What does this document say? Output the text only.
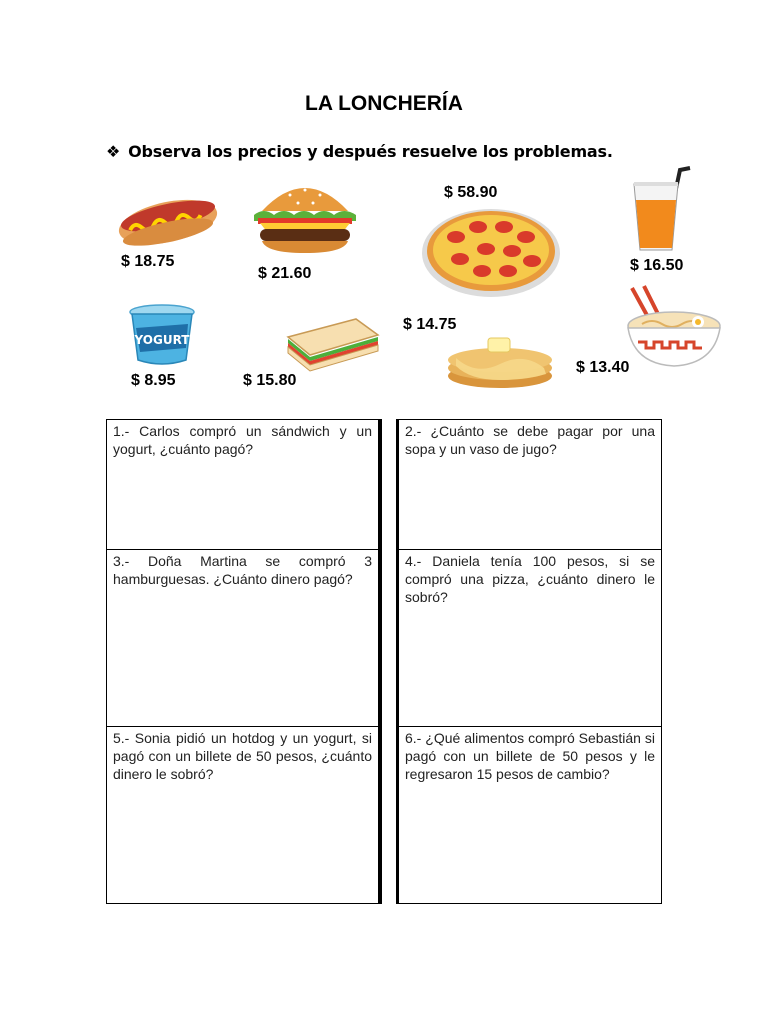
LA LONCHERÍA
❖ Observa los precios y después resuelve los problemas.
$ 18.75
$ 21.60
$ 58.90
$ 16.50
YOGURT
$ 8.95	$ 15.80
$ 14.75
$ 13.40
1.- Carlos compró un sándwich y un yogurt, ¿cuánto pagó?
2.- ¿Cuánto se debe pagar por una sopa y un vaso de jugo?
3.- Doña Martina se compró 3 hamburguesas. ¿Cuánto dinero pagó?
4.- Daniela tenía 100 pesos, si se compró una pizza, ¿cuánto dinero le sobró?
5.- Sonia pidió un hotdog y un yogurt, si pagó con un billete de 50 pesos, ¿cuánto dinero le sobró?
6.- ¿Qué alimentos compró Sebastián si pagó con un billete de 50 pesos y le regresaron 15 pesos de cambio?
